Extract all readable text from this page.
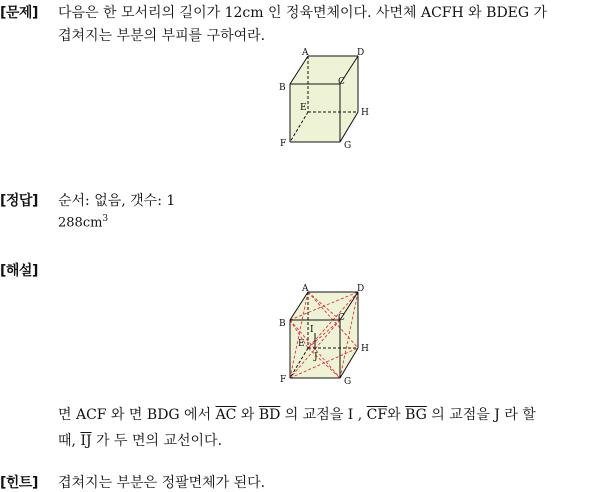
[문제] 다음은 한 모서리의 길이가 12cm 인 정육면체이다. 사면체 ACFH 와 BDEG 가
겹쳐지는 부분의 부피를 구하여라.
A	D
B
C
E	H
F	G
[정답] 순서: 없음, 갯수: 1
$288cm^3$
[해설]
A	D
B
C
E
I
J
H
F	G
면 ACF 와 면 BDG 에서 $\overline{AC}$ 와 $\overline{BD}$ 의 교점을 I , $\overline{CF}$와 $\overline{BG}$ 의 교점을 J 라 할
때, $\overline{IJ}$ 가 두 면의 교선이다.
[힌트] 겹쳐지는 부분은 정팔면체가 된다.
